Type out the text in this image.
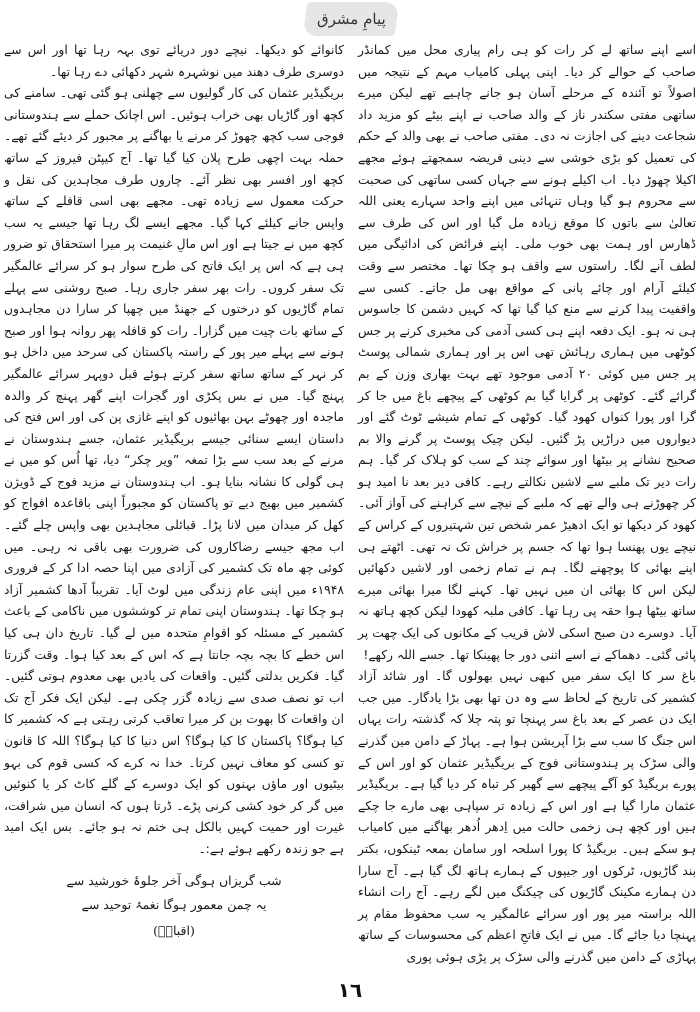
پیامِ مشرق

اسے اپنے ساتھ لے کر رات کو ہی رام پیاری محل میں کمانڈر صاحب کے حوالے کر دیا۔ اپنی پہلی کامیاب مہم کے نتیجہ میں اصولاً تو آئندہ کے مرحلے آسان ہو جانے چاہیے تھے لیکن میرے ساتھی مفتی سکندر ناز کے والد صاحب نے اپنے بیٹے کو مزید داد شجاعت دینے کی اجازت نہ دی۔ مفتی صاحب نے بھی والد کے حکم کی تعمیل کو بڑی خوشی سے دینی فریضہ سمجھتے ہوئے مجھے اکیلا چھوڑ دیا۔ اب اکیلے ہونے سے جہاں کسی ساتھی کی صحبت سے محروم ہو گیا وہاں تنہائی میں اپنے واحد سہارے یعنی اللہ تعالیٰ سے باتوں کا موقع زیادہ مل گیا اور اس کی طرف سے ڈھارس اور ہمت بھی خوب ملی۔ اپنے فرائض کی ادائیگی میں لطف آنے لگا۔ راستوں سے واقف ہو چکا تھا۔ مختصر سے وقت کیلئے آرام اور چائے پانی کے مواقع بھی مل جاتے۔ کسی سے واقفیت پیدا کرنے سے منع کیا گیا تھا کہ کہیں دشمن کا جاسوس ہی نہ ہو۔ ایک دفعہ اپنے ہی کسی آدمی کی مخبری کرنے پر جس کوٹھی میں ہماری رہائش تھی اس پر اور ہماری شمالی پوسٹ پر جس میں کوئی ۲۰ آدمی موجود تھے بہت بھاری وزن کے بم گرائے گئے۔ کوٹھی پر گرایا گیا بم کوٹھی کے پیچھے باغ میں جا کر گرا اور پورا کنواں کھود گیا۔ کوٹھی کے تمام شیشے ٹوٹ گئے اور دیواروں میں دراڑیں پڑ گئیں۔ لیکن چیک پوسٹ پر گرنے والا بم صحیح نشانے پر بیٹھا اور سوائے چند کے سب کو ہلاک کر گیا۔ ہم رات دیر تک ملبے سے لاشیں نکالتے رہے۔ کافی دیر بعد نا امید ہو کر چھوڑنے ہی والے تھے کہ ملبے کے نیچے سے کراہنے کی آواز آئی۔ کھود کر دیکھا تو ایک ادھیڑ عمر شخص تین شہتیروں کے کراس کے نیچے یوں پھنسا ہوا تھا کہ جسم پر خراش تک نہ تھی۔ اٹھتے ہی اپنے بھائی کا پوچھنے لگا۔ ہم نے تمام زخمی اور لاشیں دکھائیں لیکن اس کا بھائی ان میں نہیں تھا۔ کہنے لگا میرا بھائی میرے ساتھ بیٹھا ہوا حقہ پی رہا تھا۔ کافی ملبہ کھودا لیکن کچھ ہاتھ نہ آیا۔ دوسرے دن صبح اسکی لاش قریب کے مکانوں کی ایک چھت پر پائی گئی۔ دھماکے نے اسے اتنی دور جا پھینکا تھا۔ جسے اللہ رکھے!

باغ سر کا ایک سفر میں کبھی نہیں بھولوں گا۔ اور شائد آزاد کشمیر کی تاریخ کے لحاظ سے وہ دن تھا بھی بڑا یادگار۔ میں جب ایک دن عصر کے بعد باغ سر پہنچا تو پتہ چلا کہ گذشتہ رات یہاں اس جنگ کا سب سے بڑا آپریشن ہوا ہے۔ پہاڑ کے دامن مین گذرنے والی سڑک پر ہندوستانی فوج کے بریگیڈیر عثمان کو اور اس کے پورے بریگیڈ کو آگے پیچھے سے گھیر کر تباہ کر دیا گیا ہے۔ بریگیڈیر عثمان مارا گیا ہے اور اس کے زیادہ تر سپاہی بھی مارے جا چکے ہیں اور کچھ ہی زخمی حالت میں اِدھر اُدھر بھاگنے میں کامیاب ہو سکے ہیں۔ بریگیڈ کا پورا اسلحہ اور سامان بمعہ ٹینکوں، بکتر بند گاڑیوں، ٹرکوں اور جیپوں کے ہمارے ہاتھ لگ گیا ہے۔ آج سارا دن ہمارے مکینک گاڑیوں کی چیکنگ میں لگے رہے۔ آج رات انشاء اللہ براستہ میر پور اور سرائے عالمگیر یہ سب محفوظ مقام پر پہنچا دیا جائے گا۔ میں نے ایک فاتحِ اعظم کی محسوسات کے ساتھ پہاڑی کے دامن میں گذرنے والی سڑک پر پڑی ہوئی پوری

کانوائے کو دیکھا۔ نیچے دور دریائے توی بہہ رہا تھا اور اس سے دوسری طرف دھند میں نوشہرہ شہر دکھائی دے رہا تھا۔

بریگیڈیر عثمان کی کار گولیوں سے چھلنی ہو گئی تھی۔ سامنے کی کچھ اور گاڑیاں بھی خراب ہوئیں۔ اس اچانک حملے سے ہندوستانی فوجی سب کچھ چھوڑ کر مرنے یا بھاگنے پر مجبور کر دیئے گئے تھے۔ حملہ بہت اچھی طرح پلان کیا گیا تھا۔ آج کیپٹن فیروز کے ساتھ کچھ اور افسر بھی نظر آئے۔ چاروں طرف مجاہدین کی نقل و حرکت معمول سے زیادہ تھی۔ مجھے بھی اسی قافلے کے ساتھ واپس جانے کیلئے کہا گیا۔ مجھے ایسے لگ رہا تھا جیسے یہ سب کچھ میں نے جیتا ہے اور اس مالِ غنیمت پر میرا استحقاق تو ضرور ہی ہے کہ اس پر ایک فاتح کی طرح سوار ہو کر سرائے عالمگیر تک سفر کروں۔ رات بھر سفر جاری رہا۔ صبح روشنی سے پہلے تمام گاڑیوں کو درختوں کے جھنڈ میں چھپا کر سارا دن مجاہدوں کے ساتھ بات چیت میں گزارا۔ رات کو قافلہ پھر روانہ ہوا اور صبح ہونے سے پہلے میر پور کے راستہ پاکستان کی سرحد میں داخل ہو کر نہر کے ساتھ ساتھ سفر کرتے ہوئے قبل دوپہر سرائے عالمگیر پہنچ گیا۔ میں نے بس پکڑی اور گجرات اپنے گھر پہنچ کر والدہ ماجدہ اور چھوٹے بہن بھائیوں کو اپنے غازی پن کی اور اس فتح کی داستان ایسے سنائی جیسے بریگیڈیر عثمان، جسے ہندوستان نے مرنے کے بعد سب سے بڑا تمغہ ”ویر چکر“ دیا، تھا اُس کو میں نے ہی گولی کا نشانہ بنایا ہو۔ اب ہندوستان نے مزید فوج کے ڈویژن کشمیر میں بھیج دیے تو پاکستان کو مجبوراً اپنی باقاعدہ افواج کو کھل کر میدان میں لانا پڑا۔ قبائلی مجاہدین بھی واپس چلے گئے۔ اب مجھ جیسے رضاکاروں کی ضرورت بھی باقی نہ رہی۔ میں کوئی چھ ماہ تک کشمیر کی آزادی میں اپنا حصہ ادا کر کے فروری ۱۹۴۸ء میں اپنی عام زندگی میں لوٹ آیا۔ تقریباً آدھا کشمیر آزاد ہو چکا تھا۔ ہندوستان اپنی تمام تر کوششوں میں ناکامی کے باعث کشمیر کے مسئلہ کو اقوامِ متحدہ میں لے گیا۔ تاریخ دان ہی کیا اس خطے کا بچہ بچہ جانتا ہے کہ اس کے بعد کیا ہوا۔ وقت گزرتا گیا۔ فکریں بدلتی گئیں۔ واقعات کی یادیں بھی معدوم ہوتی گئیں۔ اب تو نصف صدی سے زیادہ گزر چکی ہے۔ لیکن ایک فکر آج تک ان واقعات کا بھوت بن کر میرا تعاقب کرتی رہتی ہے کہ کشمیر کا کیا ہوگا؟ پاکستان کا کیا ہوگا؟ اس دنیا کا کیا ہوگا؟ اللہ کا قانون تو کسی کو معاف نہیں کرتا۔ خدا نہ کرے کہ کسی قوم کی بہو بیٹیوں اور ماؤں بہنوں کو ایک دوسرے کے گلے کاٹ کر یا کنوئیں میں گر کر خود کشی کرنی پڑے۔ ڈرتا ہوں کہ انسان میں شرافت، غیرت اور حمیت کہیں بالکل ہی ختم نہ ہو جائے۔ بس ایک امید ہے جو زندہ رکھے ہوئے ہے:۔

شب گریزاں ہوگی آخر جلوۂ خورشید سے
یہ چمن معمور ہوگا نغمۂ توحید سے
(اقبالؒ)
١٦
